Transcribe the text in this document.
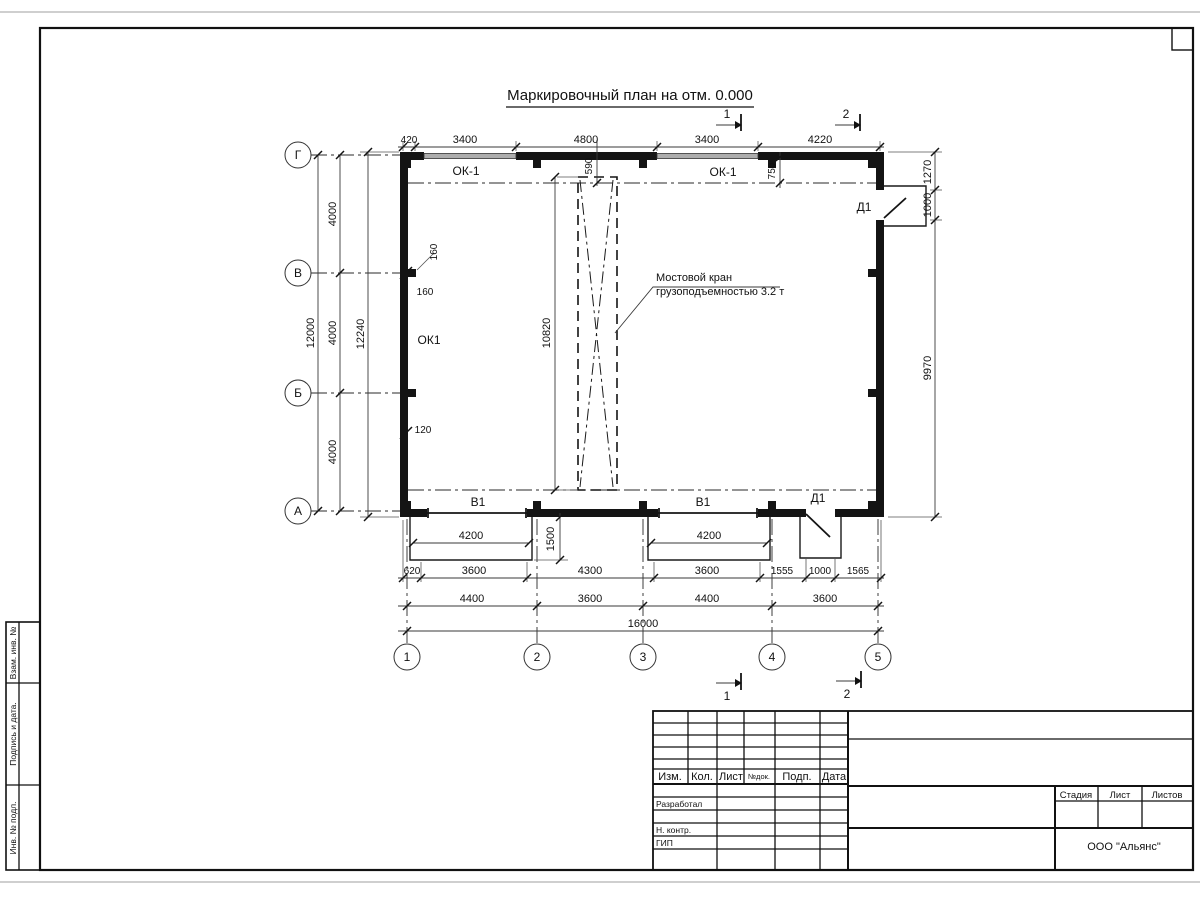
Маркировочный план на отм. 0.000
420	3400	4800	3400	4220
12000
4000
4000
4000
12240
1270
1000
9970
10820
590	750
160
160
120
4200	4200
1500
620	3600	4300	3600	1555 1000 1565
4400	3600	4400	3600
16000
ОК-1	ОК-1
ОК1
В1	В1	Д1
Д1
Мостовой кран
грузоподъемностью 3.2 т
Г
В
Б
А
1	2	3	4	5
1	2
1	2
Взам. инв. №
Подпись и дата.
Инв. № подл.
Изм. Кол. Лист №док. Подп. Дата
Разработал
Н. контр.
ГИП
Стадия Лист Листов
ООО "Альянс"
